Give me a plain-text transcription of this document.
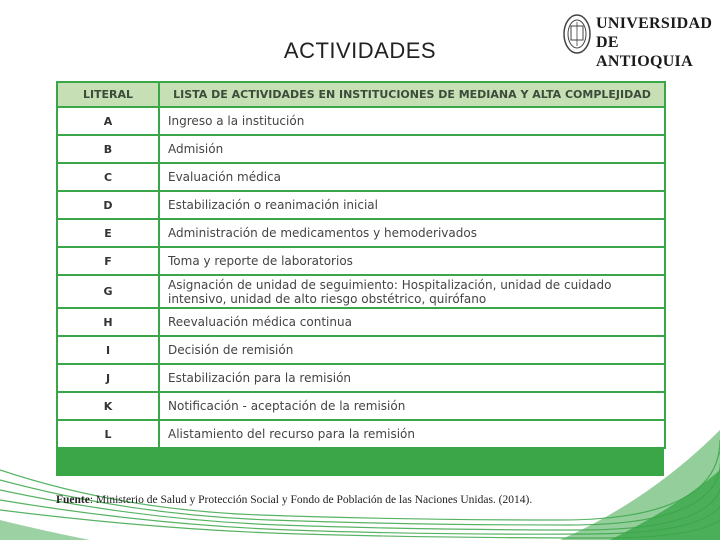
ACTIVIDADES
UNIVERSIDAD
DE ANTIOQUIA
LITERAL	LISTA DE ACTIVIDADES EN INSTITUCIONES DE MEDIANA Y ALTA COMPLEJIDAD
A	Ingreso a la institución
B	Admisión
C	Evaluación médica
D	Estabilización o reanimación inicial
E	Administración de medicamentos y hemoderivados
F	Toma y reporte de laboratorios
G	Asignación de unidad de seguimiento: Hospitalización, unidad de cuidado intensivo, unidad de alto riesgo obstétrico, quirófano
H	Reevaluación médica continua
I	Decisión de remisión
J	Estabilización para la remisión
K	Notificación - aceptación de la remisión
L	Alistamiento del recurso para la remisión
Fuente: Ministerio de Salud y Protección Social y Fondo de Población de las Naciones Unidas. (2014).
